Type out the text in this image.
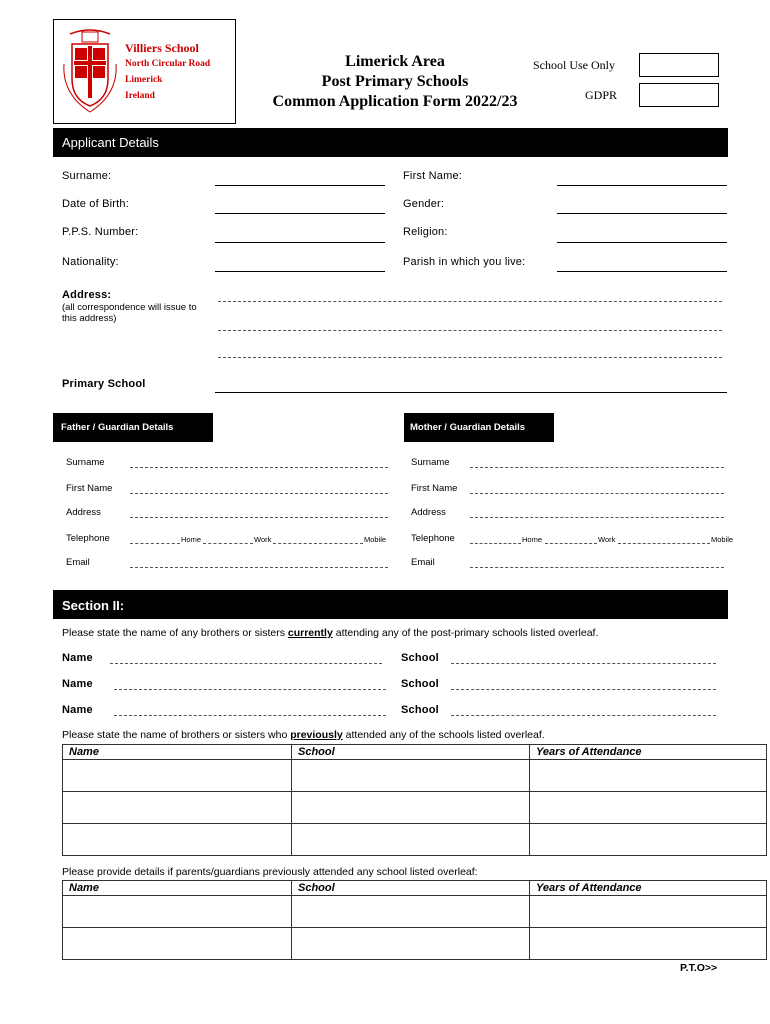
Villiers School
North Circular Road
Limerick
Ireland
Limerick Area
Post Primary Schools
Common Application Form 2022/23
School Use Only
GDPR
Applicant Details
Surname:	First Name:
Date of Birth:	Gender:
P.P.S. Number:	Religion:
Nationality:	Parish in which you live:
Address:
(all correspondence will issue to this address)
Primary School
Father / Guardian Details	Mother / Guardian Details
Surname
First Name
Address
Telephone	Home	Work	Mobile
Email
Surname
First Name
Address
Telephone	Home	Work	Mobile
Email
Section II:
Please state the name of any brothers or sisters currently attending any of the post-primary schools listed overleaf.
Name	School
Name	School
Name	School
Please state the name of brothers or sisters who previously attended any of the schools listed overleaf.
Name	School	Years of Attendance

Please provide details if parents/guardians previously attended any school listed overleaf:
Name	School	Years of Attendance

P.T.O>>
